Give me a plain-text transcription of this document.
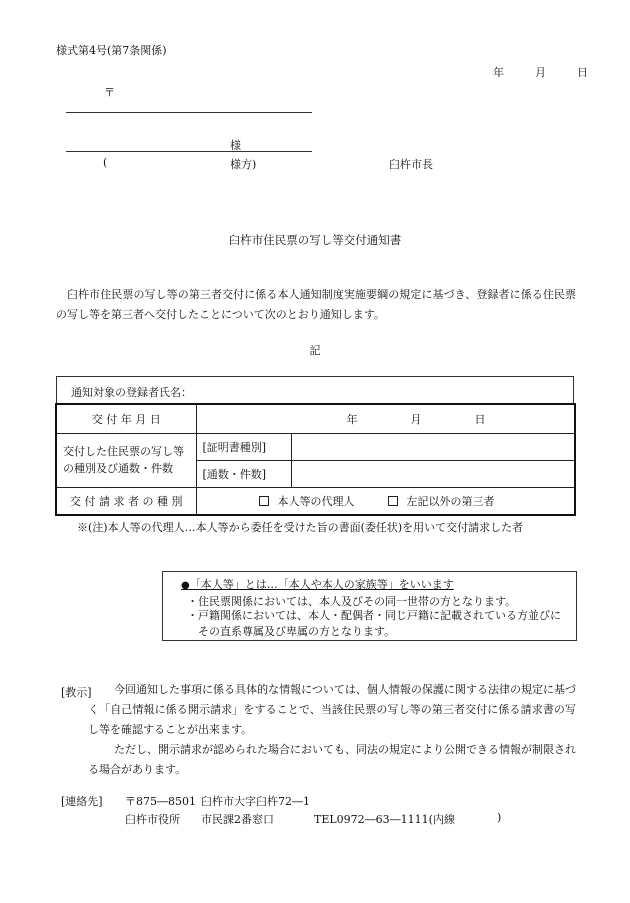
様式第4号(第7条関係)
年	月	日
〒
様
(	様方)	臼杵市長
臼杵市住民票の写し等交付通知書
臼杵市住民票の写し等の第三者交付に係る本人通知制度実施要綱の規定に基づき、登録者に係る住民票の写し等を第三者へ交付したことについて次のとおり通知します。
記
通知対象の登録者氏名：
交 付 年 月 日	年 月 日	
交付した住民票の写し等の種別及び通数・件数	[証明書種別]	
	[通数・件数]	
交 付 請 求 者 の 種 別	本人等の代理人 左記以外の第三者	
※(注)本人等の代理人…本人等から委任を受けた旨の書面(委任状)を用いて交付請求した者
●「本人等」とは…「本人や本人の家族等」をいいます
・住民票関係においては、本人及びその同一世帯の方となります。
・ 戸籍関係においては、本人・配偶者・同じ戸籍に記載されている方並びにその直系尊属及び卑属の方となります。
[教示]	今回通知した事項に係る具体的な情報については、個人情報の保護に関する法律の規定に基づく「自己情報に係る開示請求」をすることで、当該住民票の写し等の第三者交付に係る請求書の写し等を確認することが出来ます。
ただし、開示請求が認められた場合においても、同法の規定により公開できる情報が制限される場合があります。
[連絡先] 〒875―8501 臼杵市大字臼杵72―1
臼杵市役所 市民課2番窓口	TEL0972―63―1111(内線	)
